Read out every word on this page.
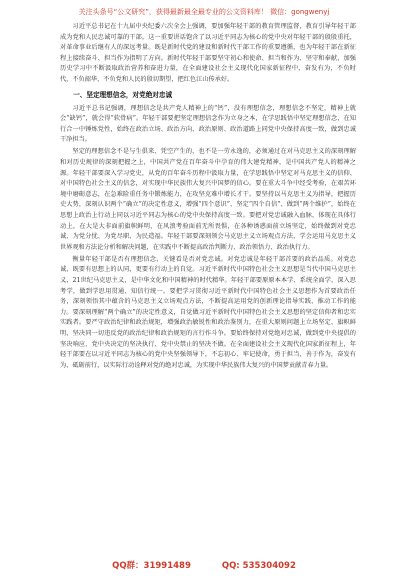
关注头条号“公文研究”，获得最新最全最专业的公文资料库！ 微信：gongwenyj

习近平总书记在十九届中央纪委六次全会上强调，要加强年轻干部的教育管理监督，教育引导年轻干部成为党和人民忠诚可靠的干部。这一重要讲话饱含了以习近平同志为核心的党中央对年轻干部的殷殷重托，对革命事业后继有人的深远考量。既是新时代党的建设和新时代干部工作的重要遵循，也为年轻干部在新征程上接续奋斗、担当作为指明了方向。新时代年轻干部要坚守初心和使命、担当和作为、坚守和奉献，加强历史学习中不断汲取政治营养和奋进力量，在全面建设社会主义现代化国家新征程中，奋发有为，不负时代，不负韶华，不负党和人民的殷切期望，把红色江山传承好。

一、坚定理想信念，对党绝对忠诚

习近平总书记强调，理想信念是共产党人精神上的“钙”，没有理想信念，理想信念不坚定，精神上就会“缺钙”，就会得“软骨病”。年轻干部要把坚定理想信念作为立身之本，在学思践悟中坚定理想信念，在知行合一中锤炼党性，始终在政治立场、政治方向、政治原则、政治道路上同党中央保持高度一致，做到忠诚干净担当。

坚定的理想信念不是与生俱来、凭空产生的，也不是一劳永逸的，必须通过在对马克思主义的深刻理解和对历史规律的深刻把握之上，中国共产党在百年奋斗中孕育的伟大建党精神，是中国共产党人的精神之源。年轻干部要深入学习党史，从党的百年奋斗历程中汲取力量，在学思践悟中坚定对马克思主义的信仰、对中国特色社会主义的信念，对实现中华民族伟大复兴中国梦的信心。要在重大斗争中经受考验，在艰苦环境中磨砺意志，在急难险重任务中锻炼能力，在攻坚克难中增长才干。要坚持以马克思主义为指导，把握历史大势，深刻认识两个“确立”的决定性意义，增强“四个意识”、坚定“四个自信”、做到“两个维护”，始终在思想上政治上行动上同以习近平同志为核心的党中央保持高度一致。要把对党忠诚融入血脉，体现在具体行动上，在大是大非面前旗帜鲜明，在风浪考验面前无所畏惧，在各种诱惑面前立场坚定，始终做到对党忠诚、为党分忧、为党尽职、为民造福。年轻干部要深刻领会马克思主义立场观点方法，学会运用马克思主义世界观和方法论分析和解决问题，在实践中不断提高政治判断力、政治领悟力、政治执行力。

衡量年轻干部是否有理想信念，关键看是否对党忠诚。对党忠诚是年轻干部首要的政治品质。对党忠诚，既要有思想上的认同，更要有行动上的自觉。习近平新时代中国特色社会主义思想是当代中国马克思主义、21世纪马克思主义，是中华文化和中国精神的时代精华。年轻干部要原原本本学、系统全面学、深入思考学，做到学思用贯通、知信行统一。要把学习贯彻习近平新时代中国特色社会主义思想作为首要政治任务，深刻领悟其中蕴含的马克思主义立场观点方法，不断提高运用党的创新理论指导实践、推动工作的能力。要深刻理解“两个确立”的决定性意义，自觉做习近平新时代中国特色社会主义思想的坚定信仰者和忠实实践者。要严守政治纪律和政治规矩，增强政治敏锐性和政治鉴别力，在重大原则问题上立场坚定、旗帜鲜明，坚决同一切违反党的政治纪律和政治规矩的言行作斗争。要始终保持对党绝对忠诚，做到党中央提倡的坚决响应、党中央决定的坚决执行、党中央禁止的坚决不做。在全面建设社会主义现代化国家新征程上，年轻干部要在以习近平同志为核心的党中央坚强领导下，不忘初心、牢记使命，勇于担当、善于作为，奋发有为、砥砺前行，以实际行动诠释对党的绝对忠诚，为实现中华民族伟大复兴的中国梦贡献青春力量。

QQ群：31991489	QQ: 535304092
